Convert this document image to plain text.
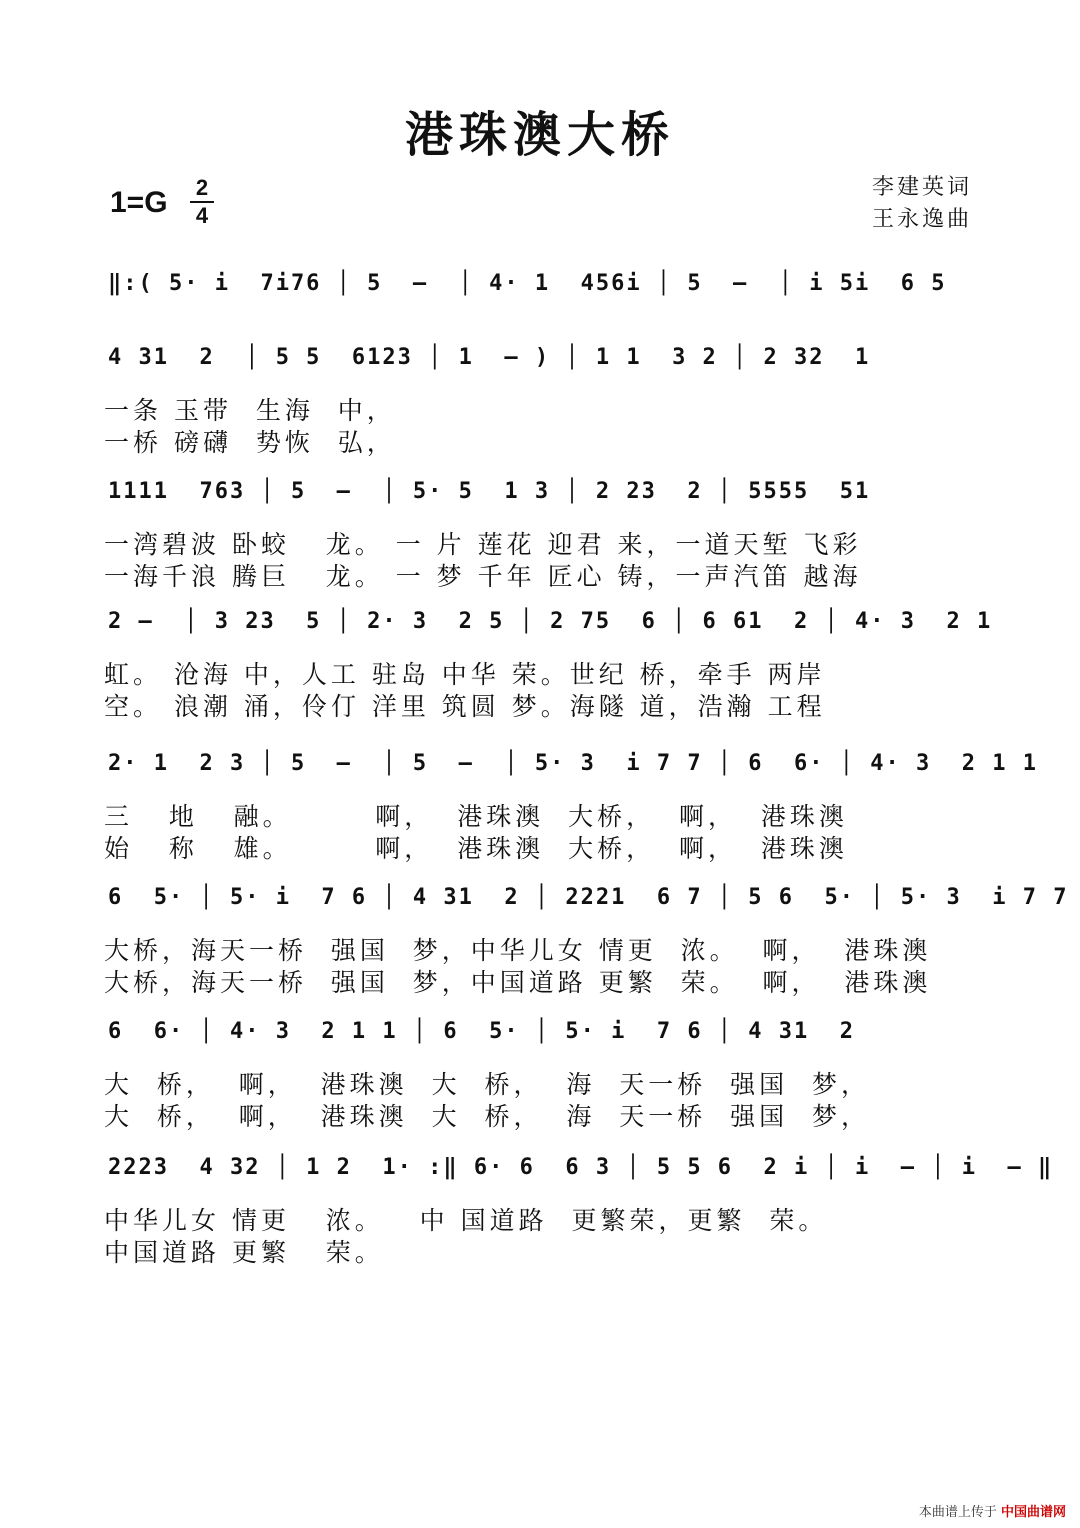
港珠澳大桥
1=G 2
4
李建英词
王永逸曲
‖:( 5· i  7i76 │ 5  –  │ 4· 1  456i │ 5  –  │ i 5i  6 5
4 31  2  │ 5 5  6123 │ 1  – ) │ 1 1  3 2 │ 2 32  1
一条 玉带  生海  中，
一桥 磅礴  势恢  弘，
1111  763 │ 5  –  │ 5· 5  1 3 │ 2 23  2 │ 5555  51
一湾碧波 卧蛟   龙。 一 片 莲花 迎君 来，一道天堑 飞彩
一海千浪 腾巨   龙。 一 梦 千年 匠心 铸，一声汽笛 越海
2 –  │ 3 23  5 │ 2· 3  2 5 │ 2 75  6 │ 6 61  2 │ 4· 3  2 1
虹。 沧海 中，人工 驻岛 中华 荣。世纪 桥，牵手 两岸
空。 浪潮 涌，伶仃 洋里 筑圆 梦。海隧 道，浩瀚 工程
2· 1  2 3 │ 5  –  │ 5  –  │ 5· 3  i 7 7 │ 6  6· │ 4· 3  2 1 1
三   地   融。       啊，  港珠澳  大桥，  啊，  港珠澳
始   称   雄。       啊，  港珠澳  大桥，  啊，  港珠澳
6  5· │ 5· i  7 6 │ 4 31  2 │ 2221  6 7 │ 5 6  5· │ 5· 3  i 7 7
大桥，海天一桥  强国  梦，中华儿女 情更  浓。  啊，  港珠澳
大桥，海天一桥  强国  梦，中国道路 更繁  荣。  啊，  港珠澳
6  6· │ 4· 3  2 1 1 │ 6  5· │ 5· i  7 6 │ 4 31  2
大  桥，  啊，  港珠澳  大  桥，  海  天一桥  强国  梦，
大  桥，  啊，  港珠澳  大  桥，  海  天一桥  强国  梦，
2223  4 32 │ 1 2  1· :‖ 6· 6  6 3 │ 5 5 6  2 i │ i  – │ i  – ‖
中华儿女 情更   浓。   中 国道路  更繁荣，更繁  荣。
中国道路 更繁   荣。
本曲谱上传于 中国曲谱网
